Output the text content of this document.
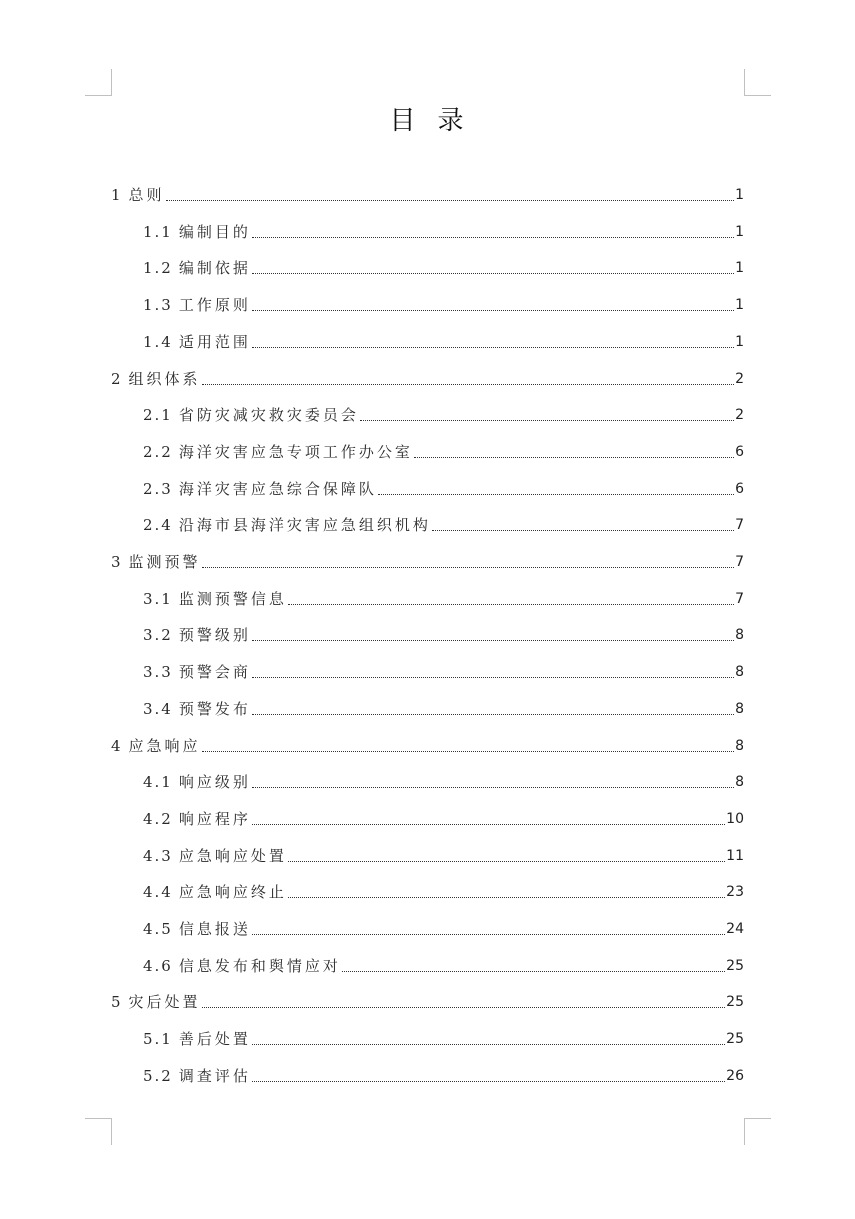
目 录
1 总则	1
1.1 编制目的	1
1.2 编制依据	1
1.3 工作原则	1
1.4 适用范围	1
2 组织体系	2
2.1 省防灾减灾救灾委员会	2
2.2 海洋灾害应急专项工作办公室	6
2.3 海洋灾害应急综合保障队	6
2.4 沿海市县海洋灾害应急组织机构	7
3 监测预警	7
3.1 监测预警信息	7
3.2 预警级别	8
3.3 预警会商	8
3.4 预警发布	8
4 应急响应	8
4.1 响应级别	8
4.2 响应程序	10
4.3 应急响应处置	11
4.4 应急响应终止	23
4.5 信息报送	24
4.6 信息发布和舆情应对	25
5 灾后处置	25
5.1 善后处置	25
5.2 调查评估	26
